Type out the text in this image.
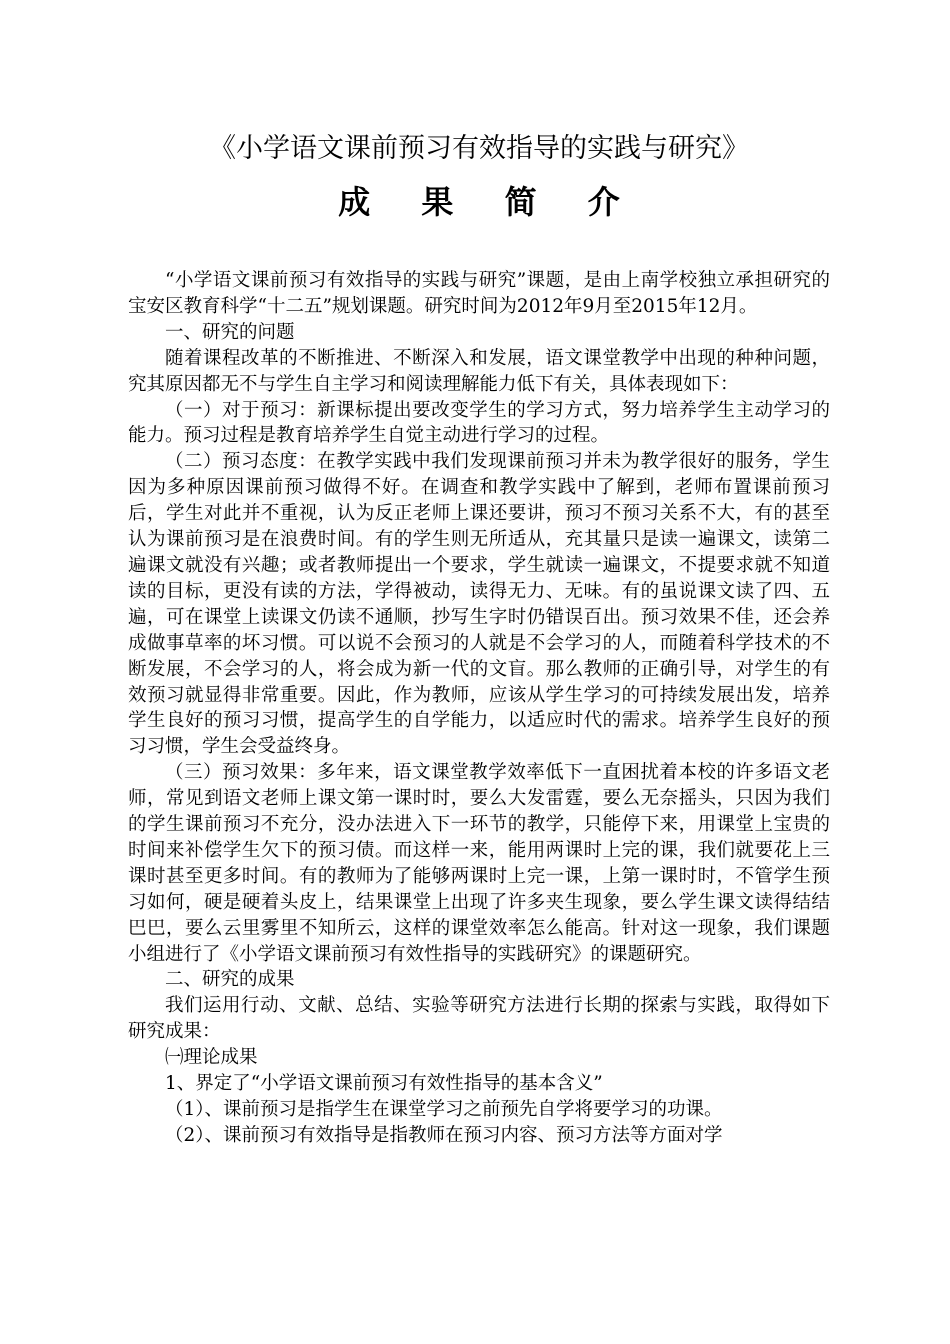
《小学语文课前预习有效指导的实践与研究》
成 果 简 介

“小学语文课前预习有效指导的实践与研究”课题，是由上南学校独立承担研究的宝安区教育科学“十二五”规划课题。研究时间为2012年9月至2015年12月。

一、研究的问题

随着课程改革的不断推进、不断深入和发展，语文课堂教学中出现的种种问题，究其原因都无不与学生自主学习和阅读理解能力低下有关，具体表现如下：

（一）对于预习：新课标提出要改变学生的学习方式，努力培养学生主动学习的能力。预习过程是教育培养学生自觉主动进行学习的过程。

（二）预习态度：在教学实践中我们发现课前预习并未为教学很好的服务，学生因为多种原因课前预习做得不好。在调查和教学实践中了解到，老师布置课前预习后，学生对此并不重视，认为反正老师上课还要讲，预习不预习关系不大，有的甚至认为课前预习是在浪费时间。有的学生则无所适从，充其量只是读一遍课文，读第二遍课文就没有兴趣；或者教师提出一个要求，学生就读一遍课文，不提要求就不知道读的目标，更没有读的方法，学得被动，读得无力、无味。有的虽说课文读了四、五遍，可在课堂上读课文仍读不通顺，抄写生字时仍错误百出。预习效果不佳，还会养成做事草率的坏习惯。可以说不会预习的人就是不会学习的人，而随着科学技术的不断发展，不会学习的人，将会成为新一代的文盲。那么教师的正确引导，对学生的有效预习就显得非常重要。因此，作为教师，应该从学生学习的可持续发展出发，培养学生良好的预习习惯，提高学生的自学能力，以适应时代的需求。培养学生良好的预习习惯，学生会受益终身。

（三）预习效果：多年来，语文课堂教学效率低下一直困扰着本校的许多语文老师，常见到语文老师上课文第一课时时，要么大发雷霆，要么无奈摇头，只因为我们的学生课前预习不充分，没办法进入下一环节的教学，只能停下来，用课堂上宝贵的时间来补偿学生欠下的预习债。而这样一来，能用两课时上完的课，我们就要花上三课时甚至更多时间。有的教师为了能够两课时上完一课，上第一课时时，不管学生预习如何，硬是硬着头皮上，结果课堂上出现了许多夹生现象，要么学生课文读得结结巴巴，要么云里雾里不知所云，这样的课堂效率怎么能高。针对这一现象，我们课题小组进行了《小学语文课前预习有效性指导的实践研究》的课题研究。

二、研究的成果

我们运用行动、文献、总结、实验等研究方法进行长期的探索与实践，取得如下研究成果：

㈠理论成果

1、界定了“小学语文课前预习有效性指导的基本含义”

（1）、课前预习是指学生在课堂学习之前预先自学将要学习的功课。

（2）、课前预习有效指导是指教师在预习内容、预习方法等方面对学
